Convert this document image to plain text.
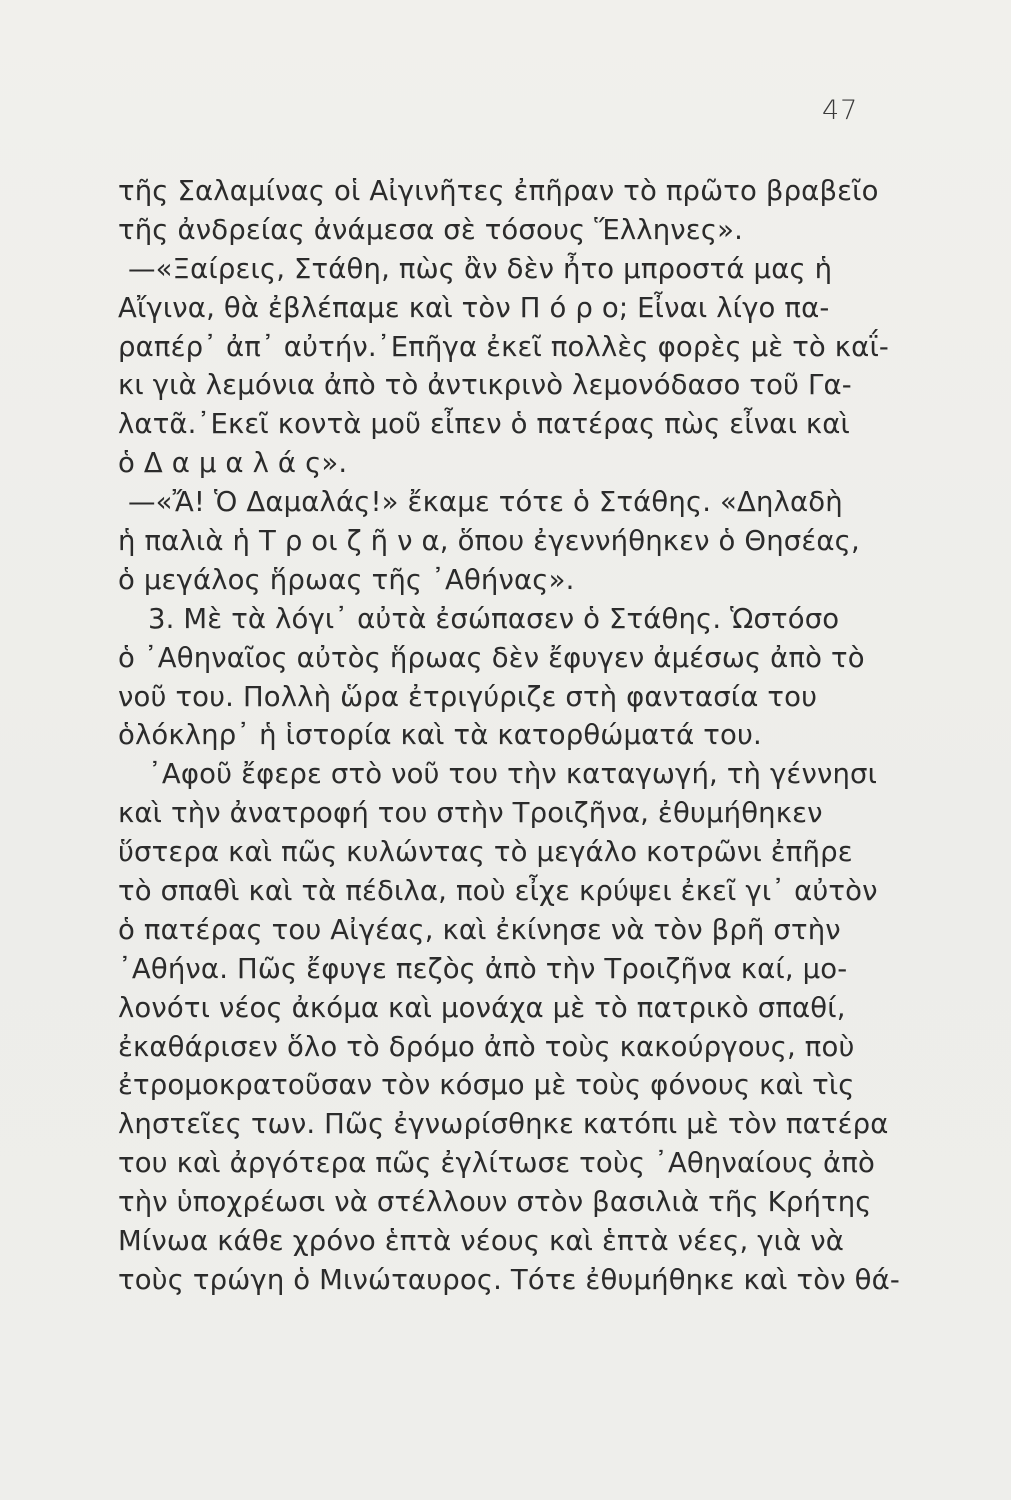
47
τῆς Σαλαμίνας οἱ Αἰγινῆτες ἐπῆραν τὸ πρῶτο βραβεῖο
τῆς ἀνδρείας ἀνάμεσα σὲ τόσους Ἕλληνες».
—«Ξαίρεις, Στάθη, πὼς ἂν δὲν ἦτο μπροστά μας ἡ
Αἴγινα, θὰ ἐβλέπαμε καὶ τὸν Π ό ρ ο; Εἶναι λίγο πα-
ραπέρ᾿ ἀπ᾿ αὐτήν.᾿Επῆγα ἐκεῖ πολλὲς φορὲς μὲ τὸ καΐ-
κι γιὰ λεμόνια ἀπὸ τὸ ἀντικρινὸ λεμονόδασο τοῦ Γα-
λατᾶ.᾿Εκεῖ κοντὰ μοῦ εἶπεν ὁ πατέρας πὼς εἶναι καὶ
ὁ Δ α μ α λ ά ς».
—«Ἄ! Ὁ Δαμαλάς!» ἔκαμε τότε ὁ Στάθης. «Δηλαδὴ
ἡ παλιὰ ἡ Τ ρ οι ζ ῆ ν α, ὅπου ἐγεννήθηκεν ὁ Θησέας,
ὁ μεγάλος ἥρωας τῆς ᾿Αθήνας».
3. Μὲ τὰ λόγι᾿ αὐτὰ ἐσώπασεν ὁ Στάθης. Ὡστόσο
ὁ ᾿Αθηναῖος αὐτὸς ἥρωας δὲν ἔφυγεν ἀμέσως ἀπὸ τὸ
νοῦ του. Πολλὴ ὥρα ἐτριγύριζε στὴ φαντασία του
ὁλόκληρ᾿ ἡ ἱστορία καὶ τὰ κατορθώματά του.
᾿Αφοῦ ἔφερε στὸ νοῦ του τὴν καταγωγή, τὴ γέννησι
καὶ τὴν ἀνατροφή του στὴν Τροιζῆνα, ἐθυμήθηκεν
ὕστερα καὶ πῶς κυλώντας τὸ μεγάλο κοτρῶνι ἐπῆρε
τὸ σπαθὶ καὶ τὰ πέδιλα, ποὺ εἶχε κρύψει ἐκεῖ γι᾿ αὐτὸν
ὁ πατέρας του Αἰγέας, καὶ ἐκίνησε νὰ τὸν βρῆ στὴν
᾿Αθήνα. Πῶς ἔφυγε πεζὸς ἀπὸ τὴν Τροιζῆνα καί, μο-
λονότι νέος ἀκόμα καὶ μονάχα μὲ τὸ πατρικὸ σπαθί,
ἐκαθάρισεν ὅλο τὸ δρόμο ἀπὸ τοὺς κακούργους, ποὺ
ἐτρομοκρατοῦσαν τὸν κόσμο μὲ τοὺς φόνους καὶ τὶς
ληστεῖες των. Πῶς ἐγνωρίσθηκε κατόπι μὲ τὸν πατέρα
του καὶ ἀργότερα πῶς ἐγλίτωσε τοὺς ᾿Αθηναίους ἀπὸ
τὴν ὑποχρέωσι νὰ στέλλουν στὸν βασιλιὰ τῆς Κρήτης
Μίνωα κάθε χρόνο ἑπτὰ νέους καὶ ἑπτὰ νέες, γιὰ νὰ
τοὺς τρώγη ὁ Μινώταυρος. Τότε ἐθυμήθηκε καὶ τὸν θά-
